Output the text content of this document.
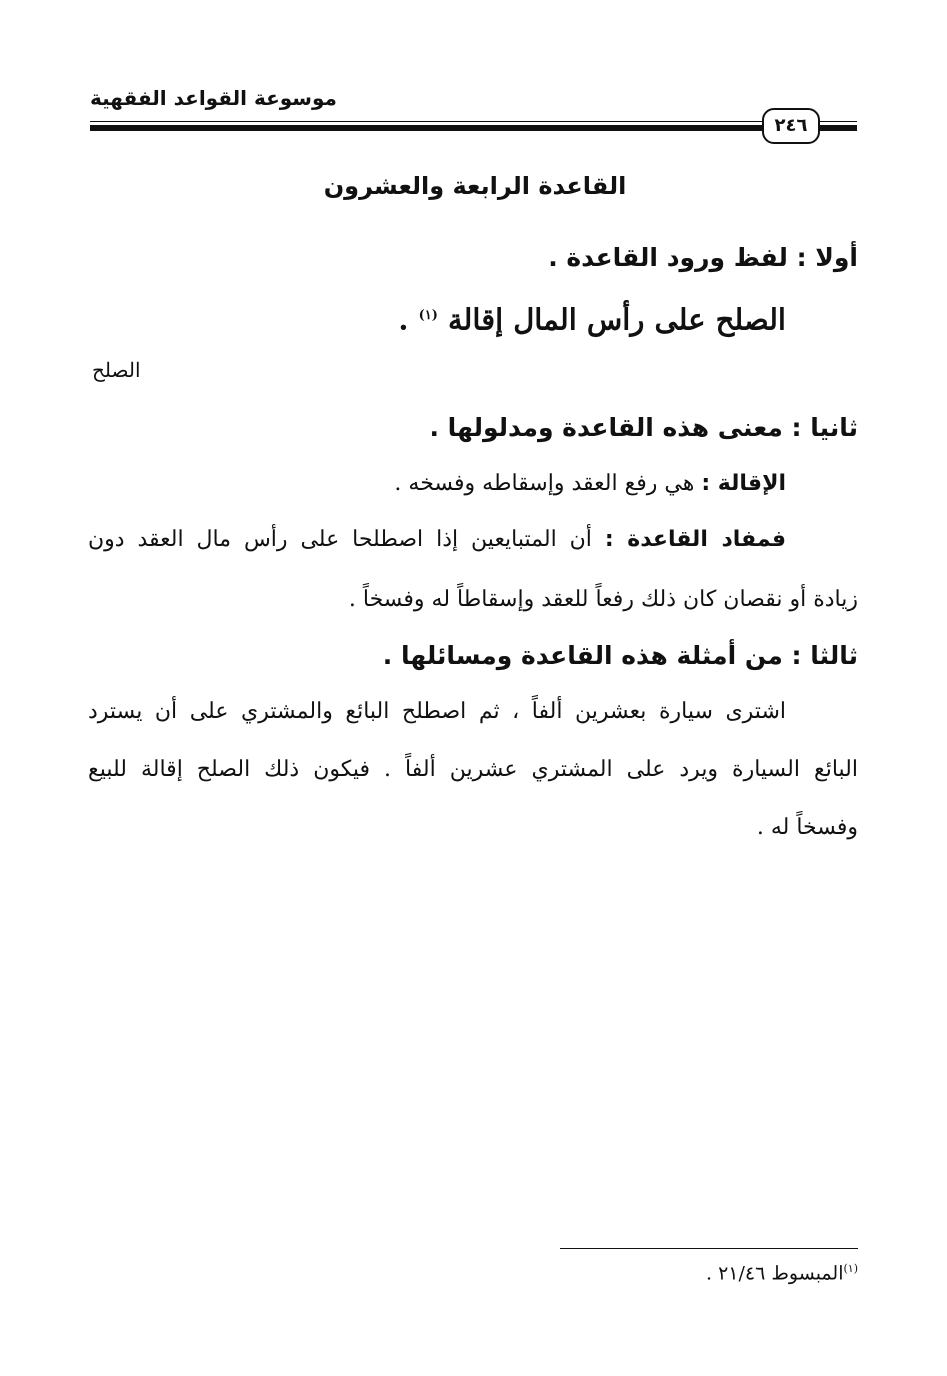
موسوعة القواعد الفقهية
٢٤٦
القاعدة الرابعة والعشرون
أولا : لفظ ورود القاعدة .
الصلح على رأس المال إقالة $^{(١)}$ .
الصلح
ثانيا : معنى هذه القاعدة ومدلولها .
الإقالة : هي رفع العقد وإسقاطه وفسخه .
فمفاد القاعدة : أن المتبايعين إذا اصطلحا على رأس مال العقد دون
زيادة أو نقصان كان ذلك رفعاً للعقد وإسقاطاً له وفسخاً .
ثالثا : من أمثلة هذه القاعدة ومسائلها .
اشترى سيارة بعشرين ألفاً ، ثم اصطلح البائع والمشتري على أن يسترد
البائع السيارة ويرد على المشتري عشرين ألفاً . فيكون ذلك الصلح إقالة للبيع
وفسخاً له .
$^{(١)}$المبسوط ٢١/٤٦ .
